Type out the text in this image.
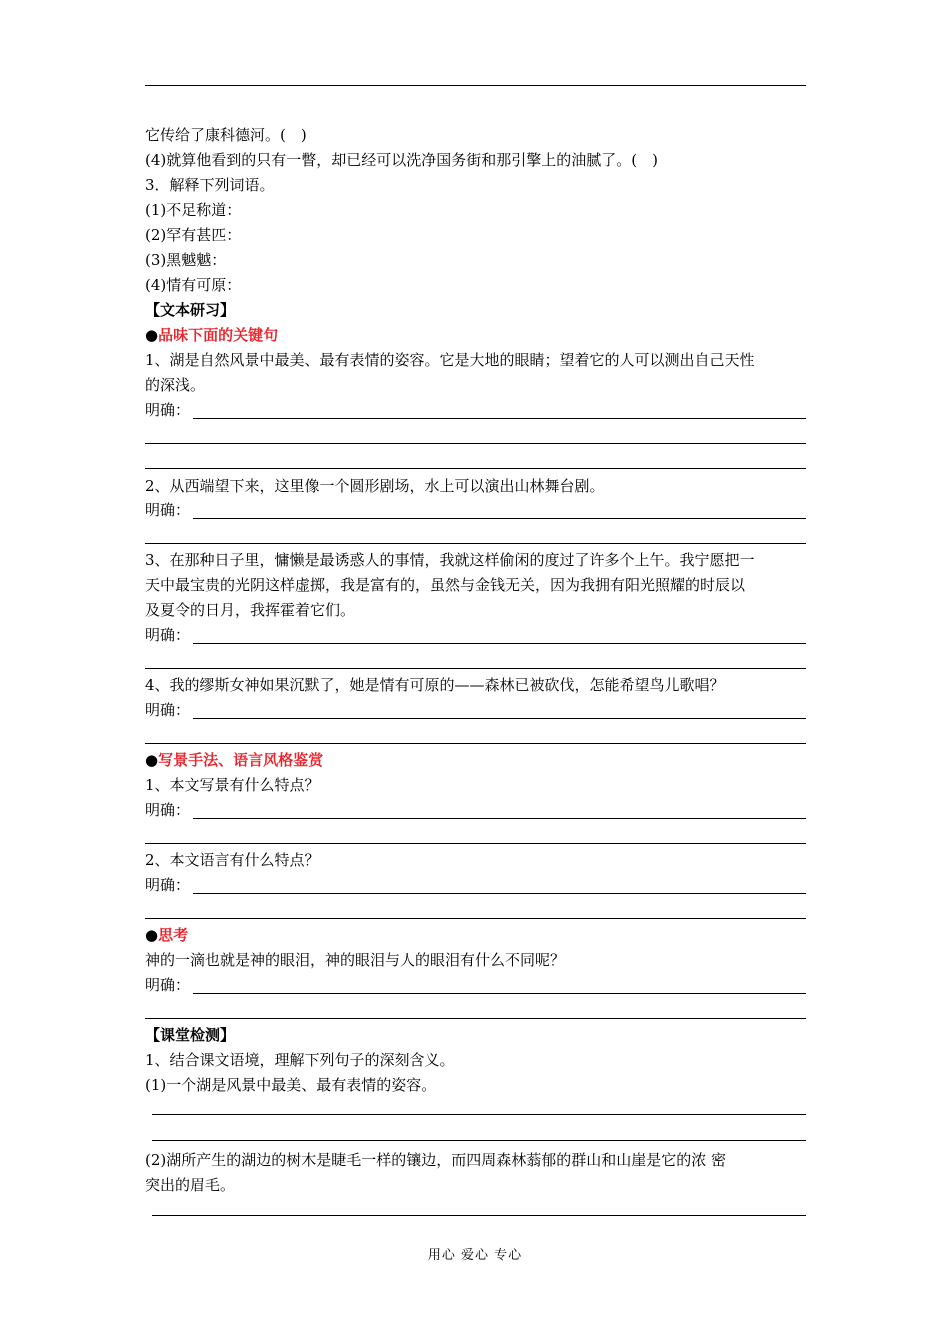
它传给了康科德河。(　)
(4)就算他看到的只有一瞥，却已经可以洗净国务街和那引擎上的油腻了。(　)
3．解释下列词语。
(1)不足称道：
(2)罕有甚匹：
(3)黑魆魆：
(4)情有可原：
【文本研习】
●品味下面的关键句
1、湖是自然风景中最美、最有表情的姿容。它是大地的眼睛；望着它的人可以测出自己天性
的深浅。
明确：
2、从西端望下来，这里像一个圆形剧场，水上可以演出山林舞台剧。
明确：
3、在那种日子里，慵懒是最诱惑人的事情，我就这样偷闲的度过了许多个上午。我宁愿把一
天中最宝贵的光阴这样虚掷，我是富有的，虽然与金钱无关，因为我拥有阳光照耀的时辰以
及夏令的日月，我挥霍着它们。
明确：
4、我的缪斯女神如果沉默了，她是情有可原的——森林已被砍伐，怎能希望鸟儿歌唱？
明确：
●写景手法、语言风格鉴赏
1、本文写景有什么特点？
明确：
2、本文语言有什么特点？
明确：
●思考
神的一滴也就是神的眼泪，神的眼泪与人的眼泪有什么不同呢？
明确：
【课堂检测】
1、结合课文语境，理解下列句子的深刻含义。
(1)一个湖是风景中最美、最有表情的姿容。
(2)湖所产生的湖边的树木是睫毛一样的镶边，而四周森林蓊郁的群山和山崖是它的浓 密
突出的眉毛。
用心 爱心 专心
